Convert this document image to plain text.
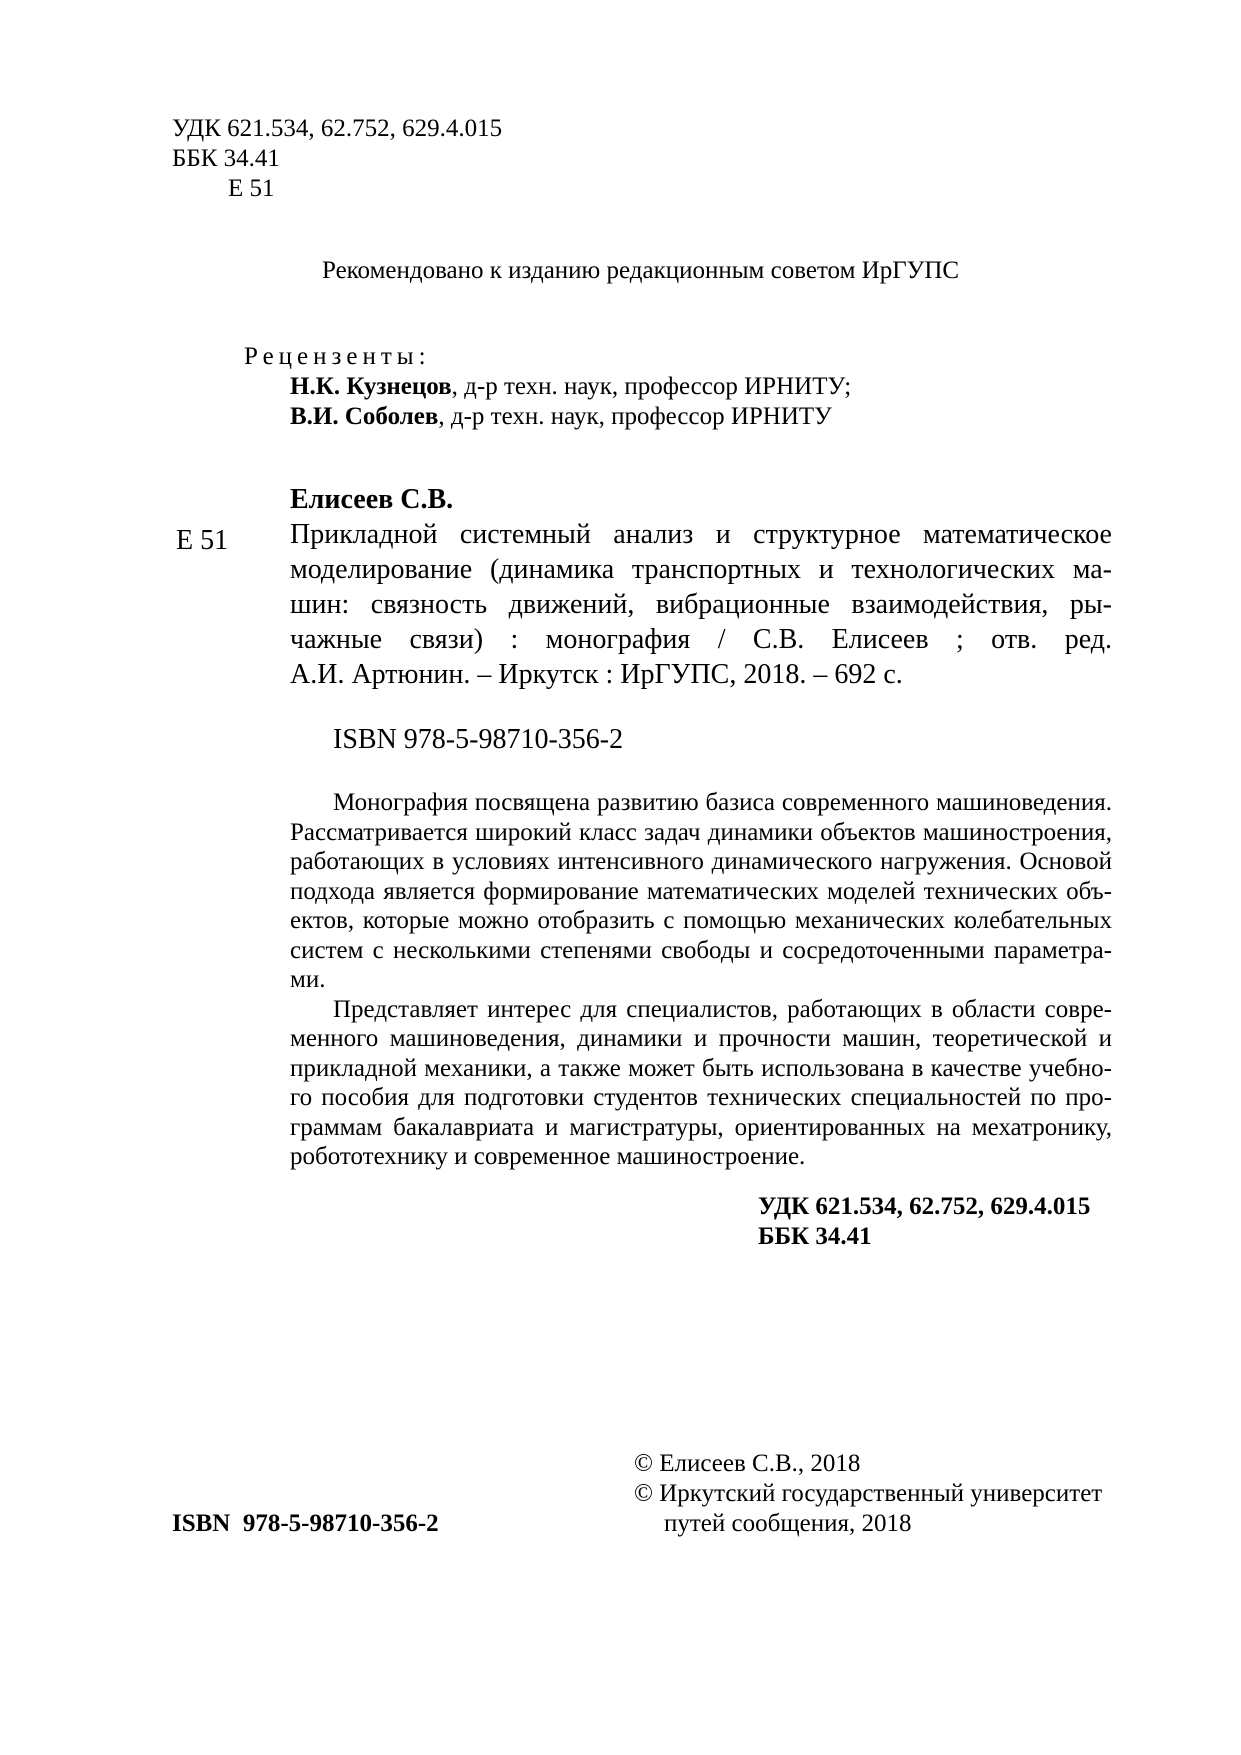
УДК 621.534, 62.752, 629.4.015
ББК 34.41
Е 51
Рекомендовано к изданию редакционным советом ИрГУПС
Рецензенты:
Н.К. Кузнецов, д-р техн. наук, профессор ИРНИТУ;
В.И. Соболев, д-р техн. наук, профессор ИРНИТУ
Елисеев С.В.
Е 51 Прикладной системный анализ и структурное математическое
моделирование (динамика транспортных и технологических ма-
шин: связность движений, вибрационные взаимодействия, ры-
чажные связи) : монография / С.В. Елисеев ; отв. ред.
А.И. Артюнин. – Иркутск : ИрГУПС, 2018. – 692 с.
ISBN 978-5-98710-356-2
Монография посвящена развитию базиса современного машиноведения.
Рассматривается широкий класс задач динамики объектов машиностроения,
работающих в условиях интенсивного динамического нагружения. Основой
подхода является формирование математических моделей технических объ-
ектов, которые можно отобразить с помощью механических колебательных
систем с несколькими степенями свободы и сосредоточенными параметра-
ми.
Представляет интерес для специалистов, работающих в области совре-
менного машиноведения, динамики и прочности машин, теоретической и
прикладной механики, а также может быть использована в качестве учебно-
го пособия для подготовки студентов технических специальностей по про-
граммам бакалавриата и магистратуры, ориентированных на мехатронику,
робототехнику и современное машиностроение.
УДК 621.534, 62.752, 629.4.015
ББК 34.41
© Елисеев С.В., 2018
© Иркутский государственный университет
путей сообщения, 2018
ISBN  978-5-98710-356-2
